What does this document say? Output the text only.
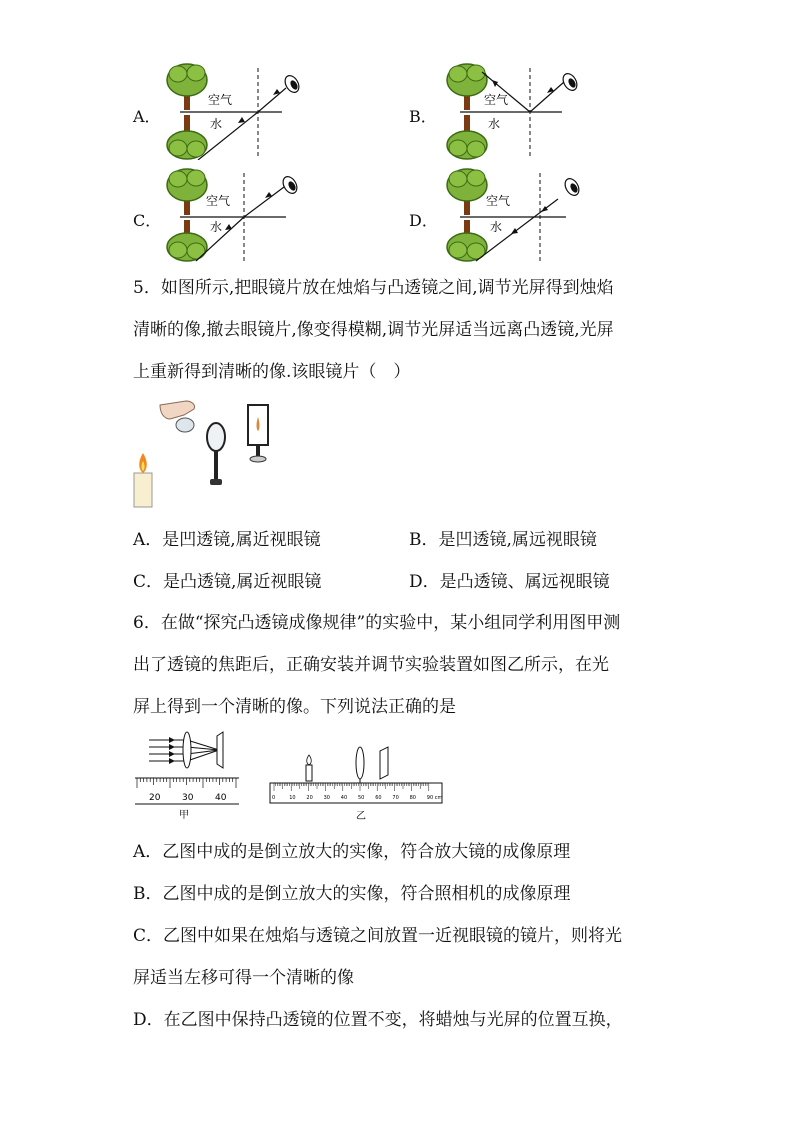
A．
空气
水	B．
空气
水
C．
空气
水	D．
空气
水
5．如图所示,把眼镜片放在烛焰与凸透镜之间,调节光屏得到烛焰
清晰的像,撤去眼镜片,像变得模糊,调节光屏适当远离凸透镜,光屏
上重新得到清晰的像.该眼镜片（　）
A．是凹透镜,属近视眼镜	B．是凹透镜,属远视眼镜
C．是凸透镜,属近视眼镜	D．是凸透镜、属远视眼镜
6．在做“探究凸透镜成像规律”的实验中，某小组同学利用图甲测
出了透镜的焦距后，正确安装并调节实验装置如图乙所示，在光
屏上得到一个清晰的像。下列说法正确的是
20 30 40
甲
0	10 20 30 40 50 60 70 80 90 cm
乙
A．乙图中成的是倒立放大的实像，符合放大镜的成像原理
B．乙图中成的是倒立放大的实像，符合照相机的成像原理
C．乙图中如果在烛焰与透镜之间放置一近视眼镜的镜片，则将光
屏适当左移可得一个清晰的像
D．在乙图中保持凸透镜的位置不变，将蜡烛与光屏的位置互换，
